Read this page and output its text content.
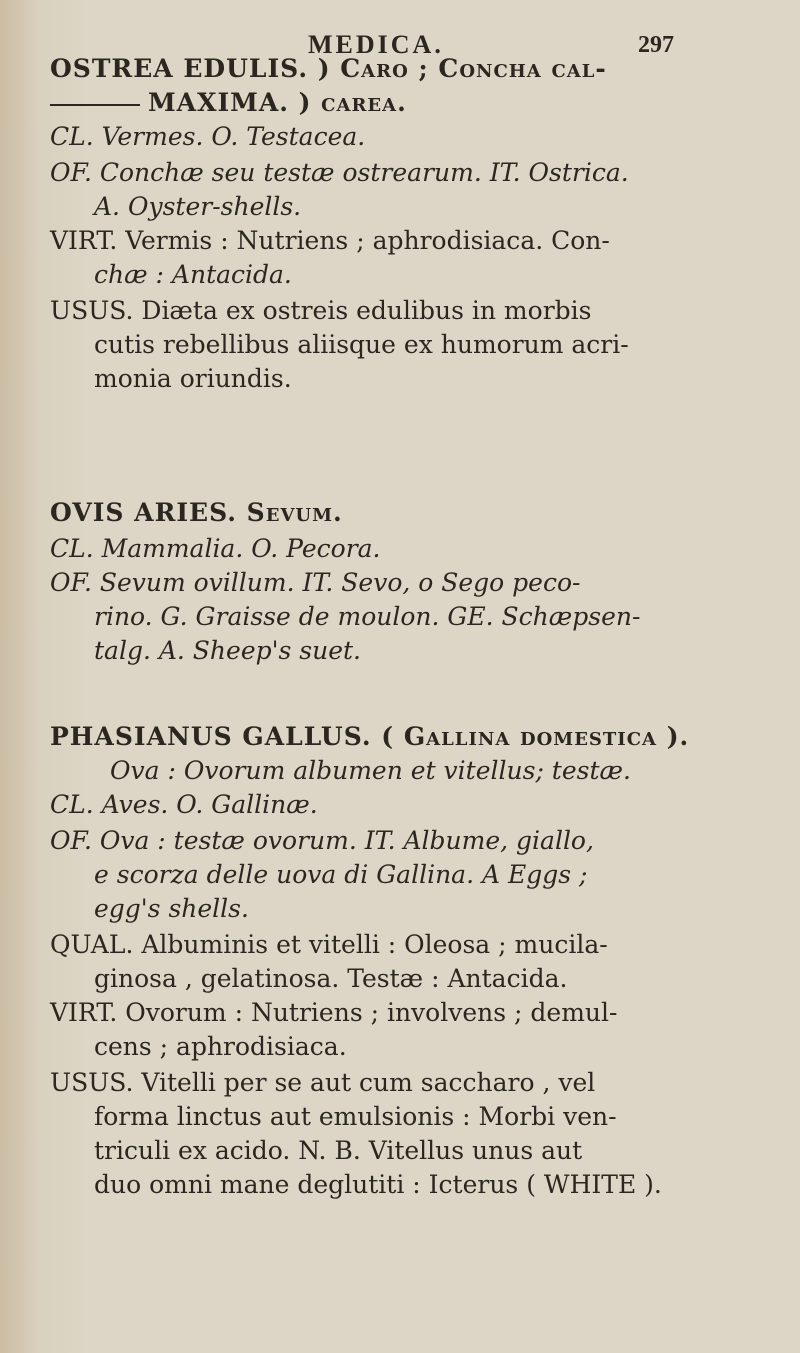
MEDICA.	297
OSTREA EDULIS. ) Caro ; Concha cal-
MAXIMA. ) carea.
CL. Vermes. O. Testacea.
OF. Conchæ seu testæ ostrearum. IT. Ostrica.
A. Oyster-shells.
VIRT. Vermis : Nutriens ; aphrodisiaca. Con-
chæ : Antacida.
USUS. Diæta ex ostreis edulibus in morbis
cutis rebellibus aliisque ex humorum acri-
monia oriundis.
OVIS ARIES. Sevum.
CL. Mammalia. O. Pecora.
OF. Sevum ovillum. IT. Sevo, o Sego peco-
rino. G. Graisse de moulon. GE. Schæpsen-
talg. A. Sheep's suet.
PHASIANUS GALLUS. ( Gallina domestica ).
Ova : Ovorum albumen et vitellus; testæ.
CL. Aves. O. Gallinæ.
OF. Ova : testæ ovorum. IT. Albume, giallo,
e scorza delle uova di Gallina. A Eggs ;
egg's shells.
QUAL. Albuminis et vitelli : Oleosa ; mucila-
ginosa , gelatinosa. Testæ : Antacida.
VIRT. Ovorum : Nutriens ; involvens ; demul-
cens ; aphrodisiaca.
USUS. Vitelli per se aut cum saccharo , vel
forma linctus aut emulsionis : Morbi ven-
triculi ex acido. N. B. Vitellus unus aut
duo omni mane deglutiti : Icterus ( WHITE ).
